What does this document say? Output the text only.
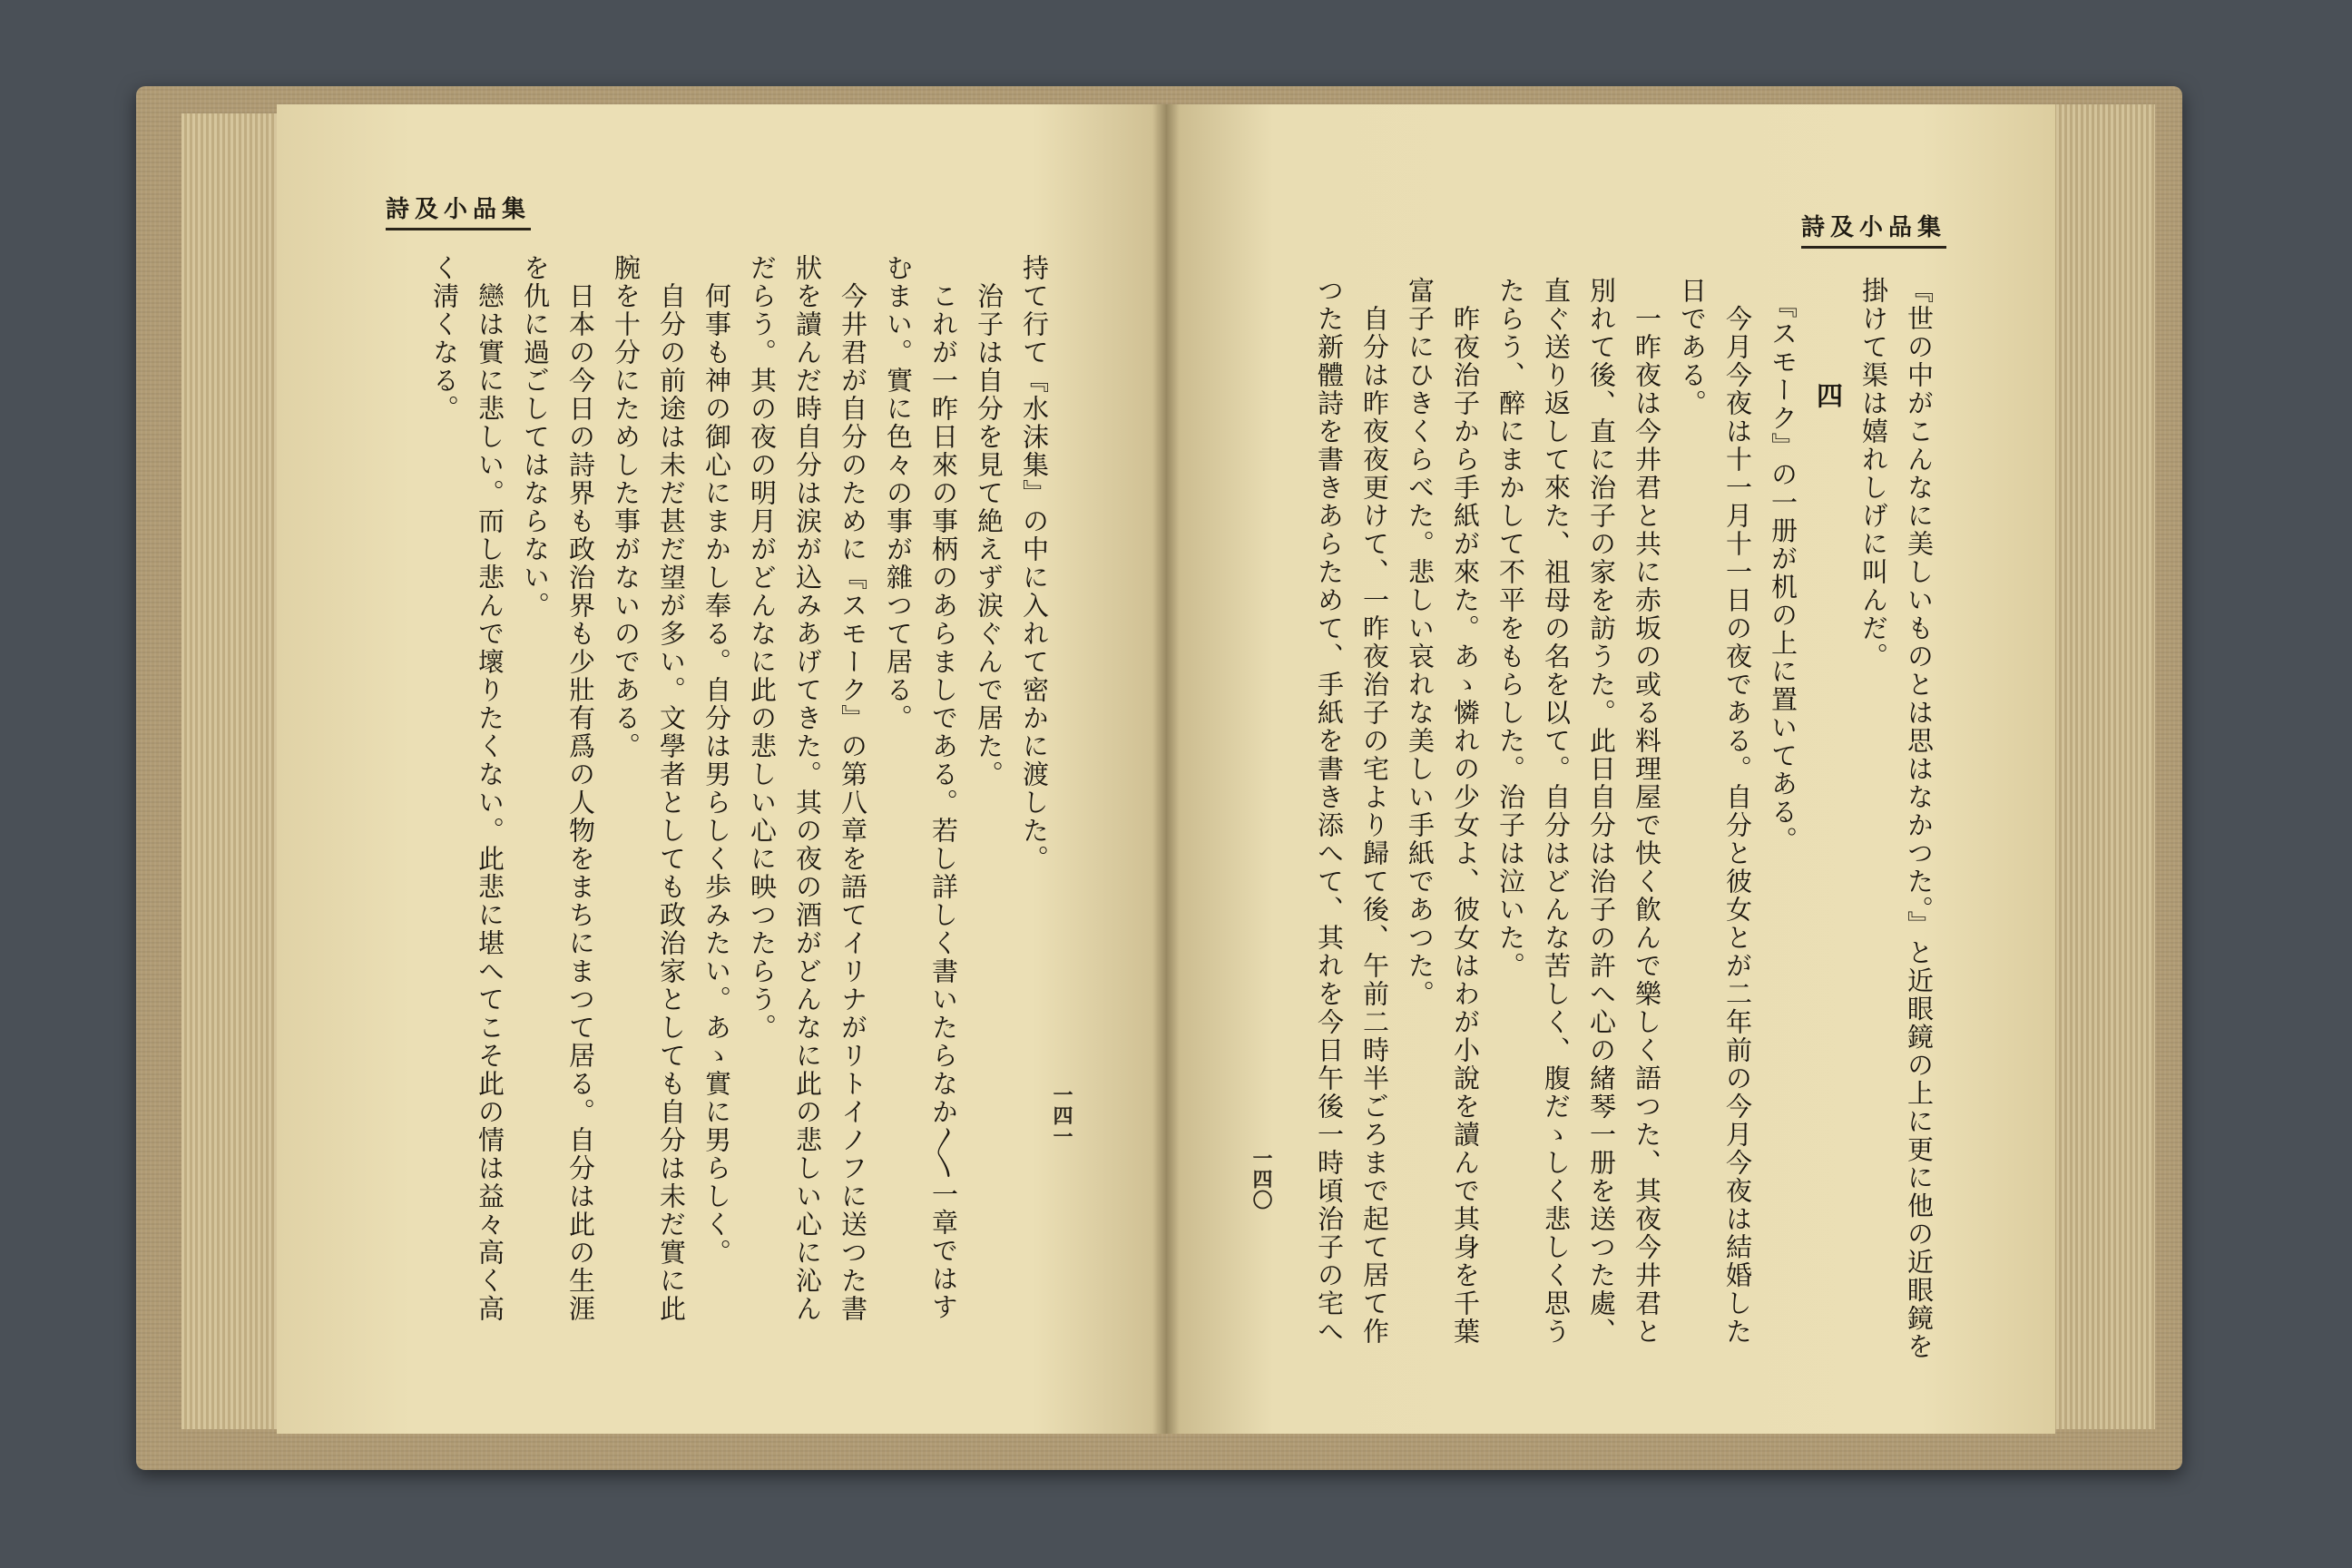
詩及小品集
持て行て『水沫集』の中に入れて密かに渡した。
　治子は自分を見て絶えず涙ぐんで居た。
　これが一昨日來の事柄のあらましである。若し詳しく書いたらなか〳〵一章ではす
むまい。實に色々の事が雜つて居る。
　今井君が自分のために『スモーク』の第八章を語てイリナがリトイノフに送つた書
狀を讀んだ時自分は涙が込みあげてきた。其の夜の酒がどんなに此の悲しい心に沁ん
だらう。其の夜の明月がどんなに此の悲しい心に映つたらう。
　何事も神の御心にまかし奉る。自分は男らしく歩みたい。あゝ實に男らしく。
　自分の前途は未だ甚だ望が多い。文學者としても政治家としても自分は未だ實に此
腕を十分にためした事がないのである。
　日本の今日の詩界も政治界も少壯有爲の人物をまちにまつて居る。自分は此の生涯
を仇に過ごしてはならない。
　戀は實に悲しい。而し悲んで壞りたくない。此悲に堪へてこそ此の情は益々高く高
く淸くなる。
一四一
詩及小品集
『世の中がこんなに美しいものとは思はなかつた。』と近眼鏡の上に更に他の近眼鏡を
掛けて渠は嬉れしげに叫んだ。
四
　『スモーク』の一册が机の上に置いてある。
　今月今夜は十一月十一日の夜である。自分と彼女とが二年前の今月今夜は結婚した
日である。
　一昨夜は今井君と共に赤坂の或る料理屋で快く飮んで樂しく語つた、其夜今井君と
別れて後、直に治子の家を訪うた。此日自分は治子の許へ心の緒琴一册を送つた處、
直ぐ送り返して來た、祖母の名を以て。自分はどんな苦しく、腹だゝしく悲しく思う
たらう、醉にまかして不平をもらした。治子は泣いた。
　昨夜治子から手紙が來た。あゝ憐れの少女よ、彼女はわが小說を讀んで其身を千葉
富子にひきくらべた。悲しい哀れな美しい手紙であつた。
　自分は昨夜夜更けて、一昨夜治子の宅より歸て後、午前二時半ごろまで起て居て作
つた新體詩を書きあらためて、手紙を書き添へて、其れを今日午後一時頃治子の宅へ
一四〇
